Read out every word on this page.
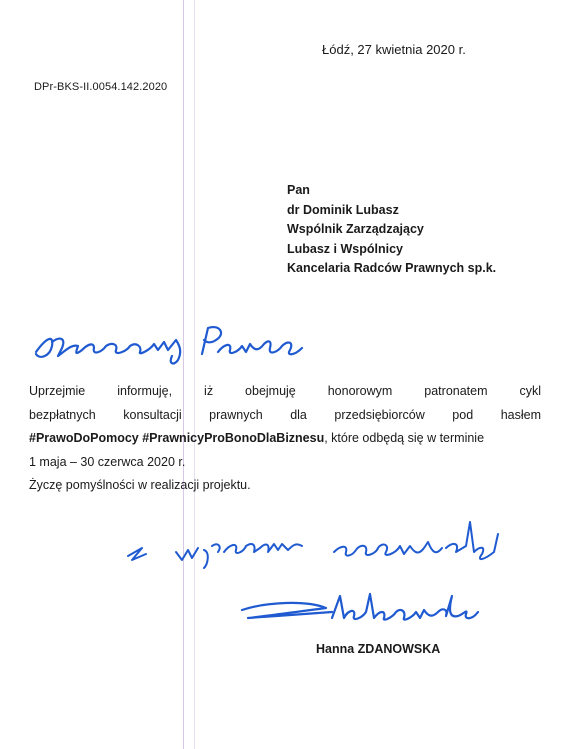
Łódź, 27 kwietnia 2020 r.
DPr-BKS-II.0054.142.2020
Pan
dr Dominik Lubasz
Wspólnik Zarządzający
Lubasz i Wspólnicy
Kancelaria Radców Prawnych sp.k.
Uprzejmie informuję, iż obejmuję honorowym patronatem cykl
bezpłatnych konsultacji prawnych dla przedsiębiorców pod hasłem
#PrawoDoPomocy #PrawnicyProBonoDlaBiznesu, które odbędą się w terminie
1 maja – 30 czerwca 2020 r.
Życzę pomyślności w realizacji projektu.
Hanna ZDANOWSKA
